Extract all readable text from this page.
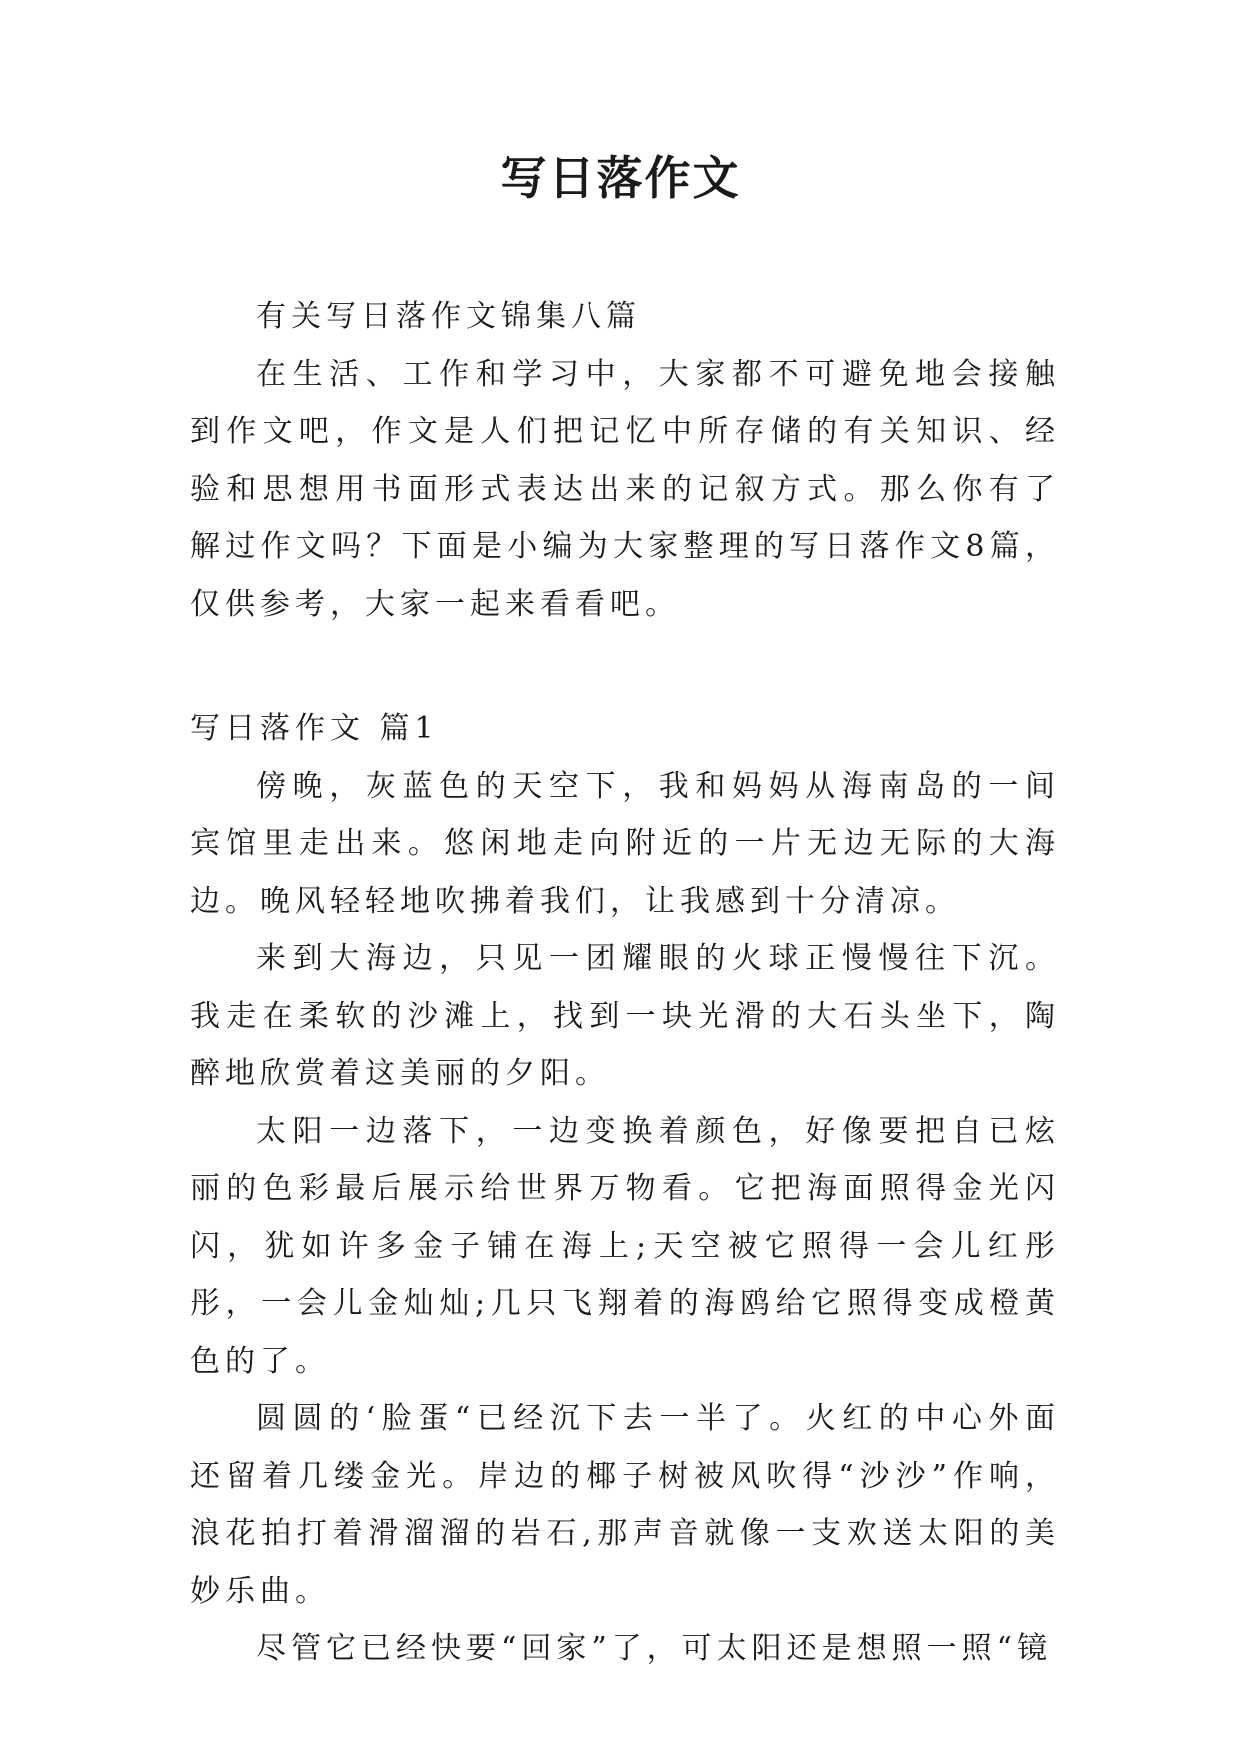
写日落作文

有关写日落作文锦集八篇

在生活、工作和学习中，大家都不可避免地会接触到作文吧，作文是人们把记忆中所存储的有关知识、经验和思想用书面形式表达出来的记叙方式。那么你有了解过作文吗？下面是小编为大家整理的写日落作文8篇，仅供参考，大家一起来看看吧。

写日落作文 篇1

傍晚，灰蓝色的天空下，我和妈妈从海南岛的一间宾馆里走出来。悠闲地走向附近的一片无边无际的大海边。晚风轻轻地吹拂着我们，让我感到十分清凉。

来到大海边，只见一团耀眼的火球正慢慢往下沉。我走在柔软的沙滩上，找到一块光滑的大石头坐下，陶醉地欣赏着这美丽的夕阳。

太阳一边落下，一边变换着颜色，好像要把自已炫丽的色彩最后展示给世界万物看。它把海面照得金光闪闪，犹如许多金子铺在海上;天空被它照得一会儿红彤彤，一会儿金灿灿;几只飞翔着的海鸥给它照得变成橙黄色的了。

圆圆的‘脸蛋“已经沉下去一半了。火红的中心外面还留着几缕金光。岸边的椰子树被风吹得“沙沙”作响，浪花拍打着滑溜溜的岩石,那声音就像一支欢送太阳的美妙乐曲。

尽管它已经快要“回家”了，可太阳还是想照一照“镜
